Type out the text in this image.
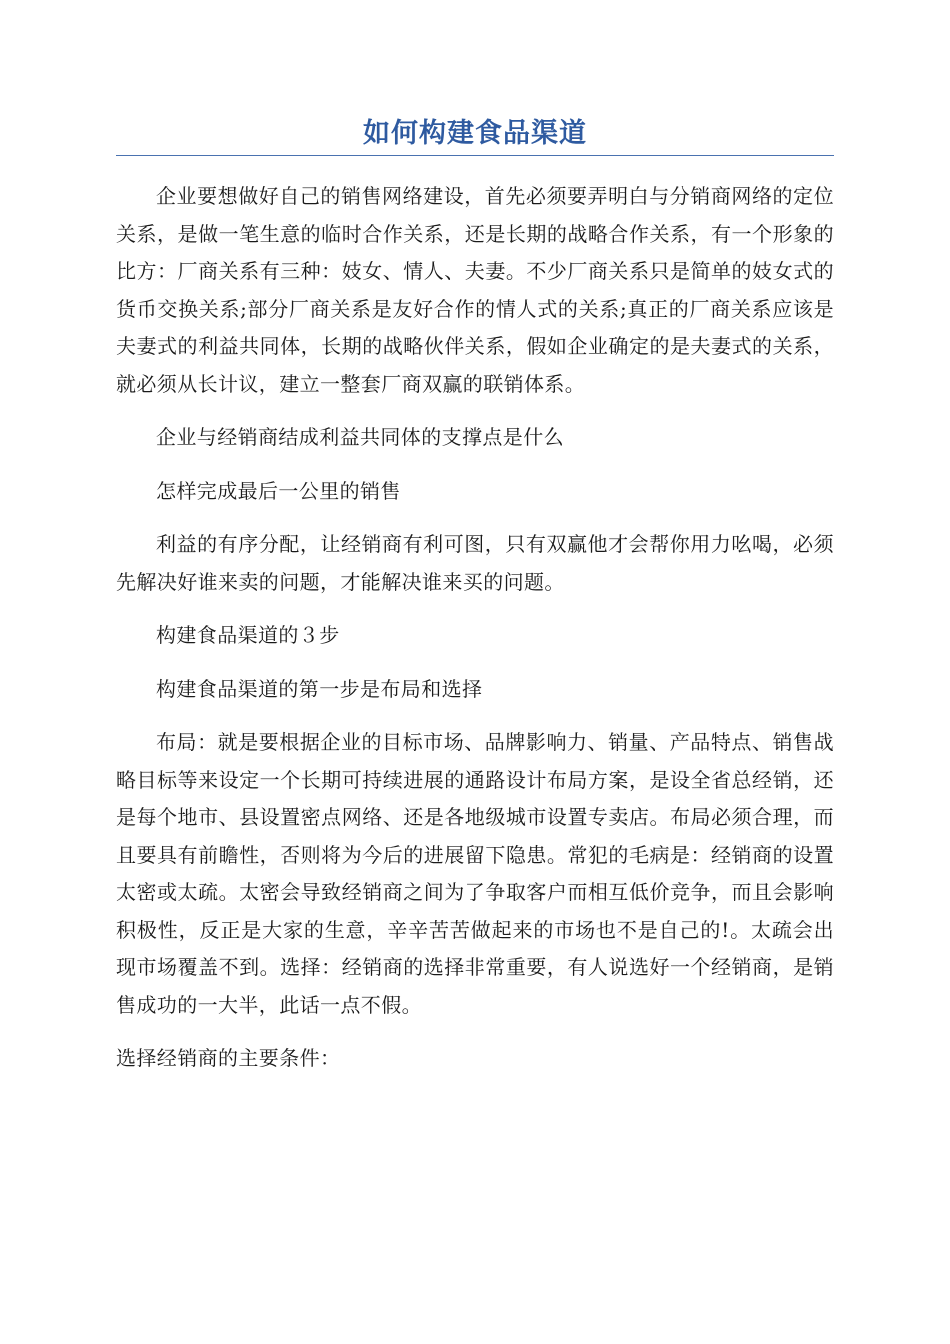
如何构建食品渠道

企业要想做好自己的销售网络建设，首先必须要弄明白与分销商网络的定位关系，是做一笔生意的临时合作关系，还是长期的战略合作关系，有一个形象的比方：厂商关系有三种：妓女、情人、夫妻。不少厂商关系只是简单的妓女式的货币交换关系;部分厂商关系是友好合作的情人式的关系;真正的厂商关系应该是夫妻式的利益共同体，长期的战略伙伴关系，假如企业确定的是夫妻式的关系，就必须从长计议，建立一整套厂商双赢的联销体系。

企业与经销商结成利益共同体的支撑点是什么

怎样完成最后一公里的销售

利益的有序分配，让经销商有利可图，只有双赢他才会帮你用力吆喝，必须先解决好谁来卖的问题，才能解决谁来买的问题。

构建食品渠道的３步

构建食品渠道的第一步是布局和选择

布局：就是要根据企业的目标市场、品牌影响力、销量、产品特点、销售战略目标等来设定一个长期可持续进展的通路设计布局方案，是设全省总经销，还是每个地市、县设置密点网络、还是各地级城市设置专卖店。布局必须合理，而且要具有前瞻性，否则将为今后的进展留下隐患。常犯的毛病是：经销商的设置太密或太疏。太密会导致经销商之间为了争取客户而相互低价竞争，而且会影响积极性，反正是大家的生意，辛辛苦苦做起来的市场也不是自己的!。太疏会出现市场覆盖不到。选择：经销商的选择非常重要，有人说选好一个经销商，是销售成功的一大半，此话一点不假。

选择经销商的主要条件：
